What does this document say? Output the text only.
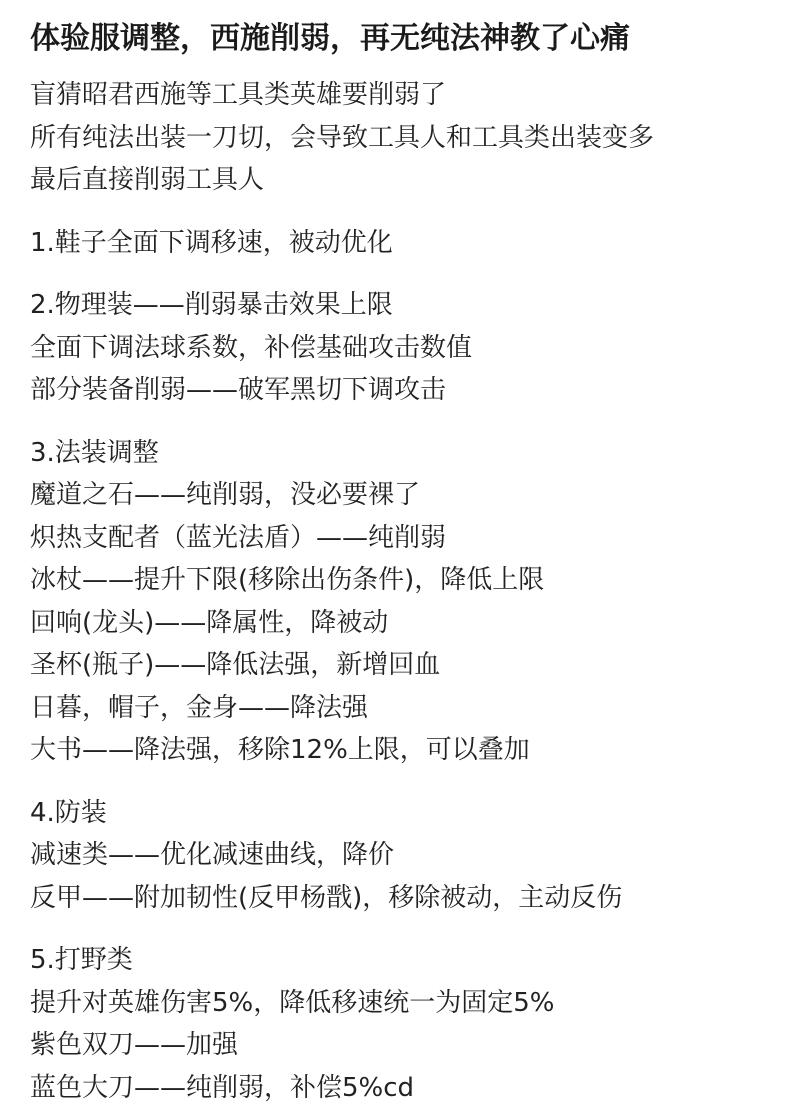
体验服调整，西施削弱，再无纯法神教了心痛
盲猜昭君西施等工具类英雄要削弱了
所有纯法出装一刀切，会导致工具人和工具类出装变多
最后直接削弱工具人
1.鞋子全面下调移速，被动优化
2.物理装——削弱暴击效果上限
全面下调法球系数，补偿基础攻击数值
部分装备削弱——破军黑切下调攻击
3.法装调整
魔道之石——纯削弱，没必要裸了
炽热支配者（蓝光法盾）——纯削弱
冰杖——提升下限(移除出伤条件)，降低上限
回响(龙头)——降属性，降被动
圣杯(瓶子)——降低法强，新增回血
日暮，帽子，金身——降法强
大书——降法强，移除12%上限，可以叠加
4.防装
减速类——优化减速曲线，降价
反甲——附加韧性(反甲杨戬)，移除被动，主动反伤
5.打野类
提升对英雄伤害5%，降低移速统一为固定5%
紫色双刀——加强
蓝色大刀——纯削弱，补偿5%cd
